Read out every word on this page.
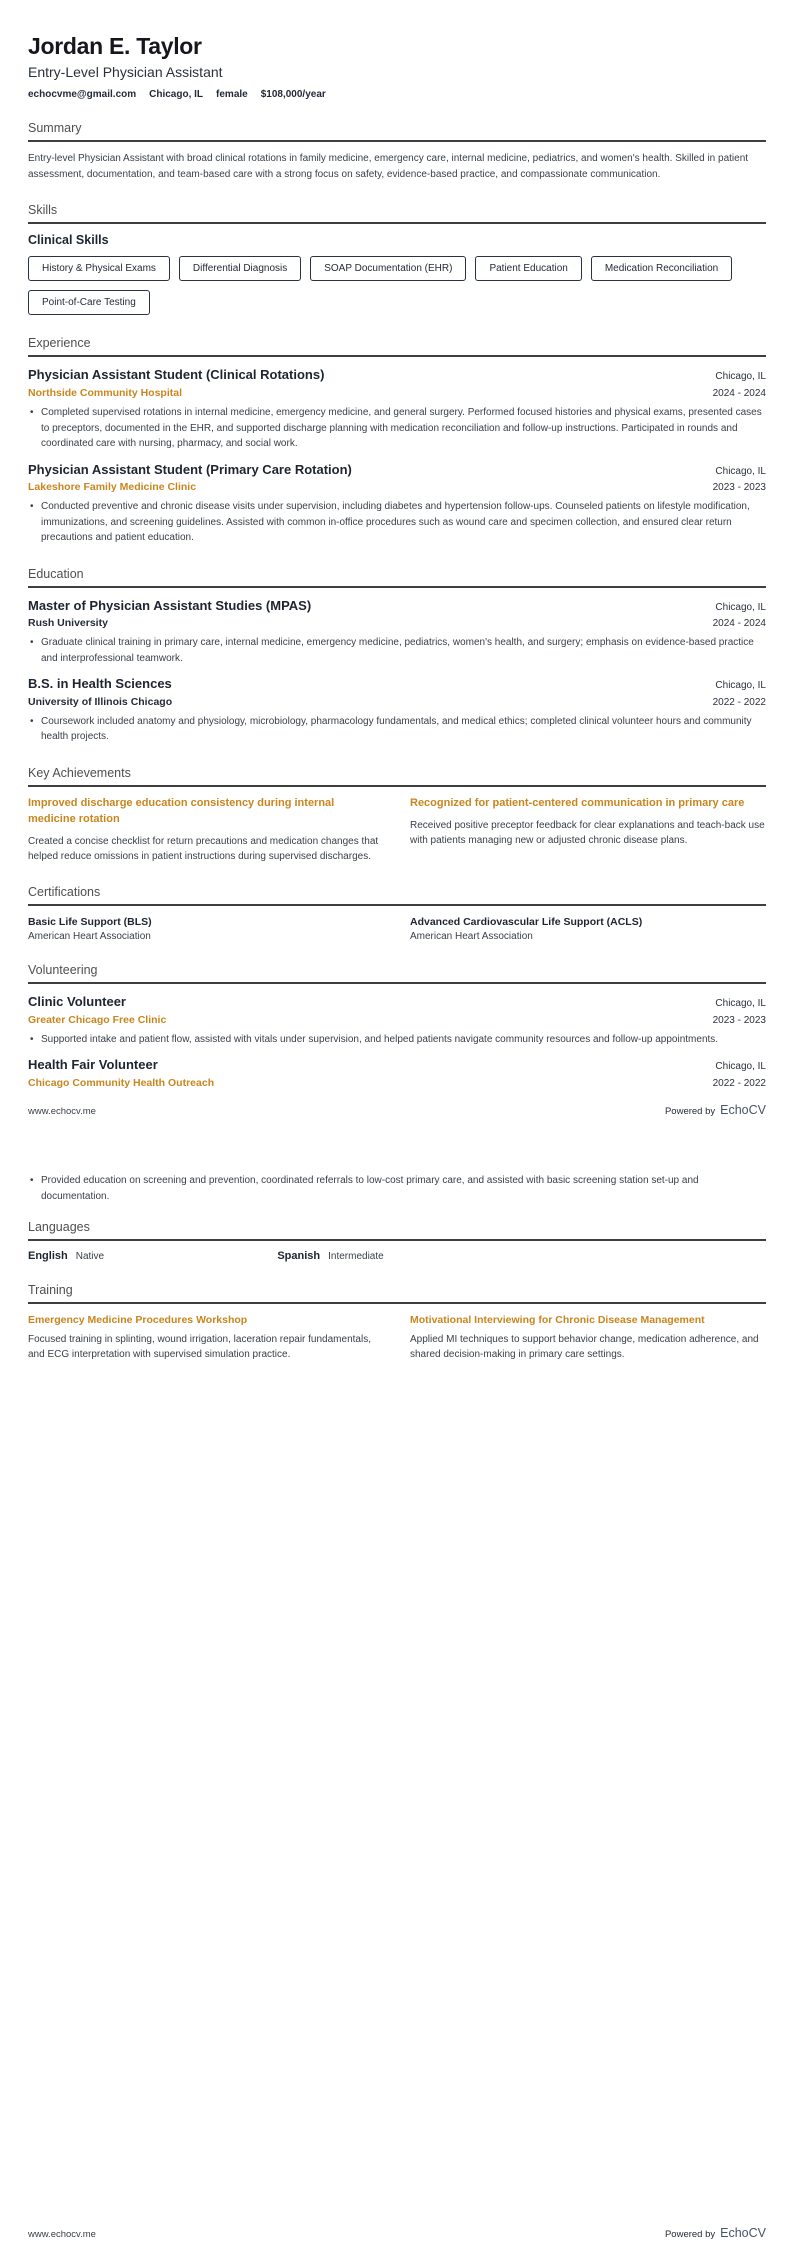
Jordan E. Taylor
Entry-Level Physician Assistant
echocvme@gmail.com Chicago, IL female $108,000/year
Summary

Entry-level Physician Assistant with broad clinical rotations in family medicine, emergency care, internal medicine, pediatrics, and women's health. Skilled in patient assessment, documentation, and team-based care with a strong focus on safety, evidence-based practice, and compassionate communication.

Skills
Clinical Skills
History & Physical Exams	Differential Diagnosis	SOAP Documentation (EHR)	Patient Education	Medication Reconciliation
Point-of-Care Testing
Experience
Physician Assistant Student (Clinical Rotations)	Chicago, IL
Northside Community Hospital	2024 - 2024
• Completed supervised rotations in internal medicine, emergency medicine, and general surgery. Performed focused histories and physical exams, presented cases to preceptors, documented in the EHR, and supported discharge planning with medication reconciliation and follow-up instructions. Participated in rounds and coordinated care with nursing, pharmacy, and social work.
Physician Assistant Student (Primary Care Rotation)	Chicago, IL
Lakeshore Family Medicine Clinic	2023 - 2023
• Conducted preventive and chronic disease visits under supervision, including diabetes and hypertension follow-ups. Counseled patients on lifestyle modification, immunizations, and screening guidelines. Assisted with common in-office procedures such as wound care and specimen collection, and ensured clear return precautions and patient education.
Education
Master of Physician Assistant Studies (MPAS)	Chicago, IL
Rush University	2024 - 2024
• Graduate clinical training in primary care, internal medicine, emergency medicine, pediatrics, women's health, and surgery; emphasis on evidence-based practice and interprofessional teamwork.
B.S. in Health Sciences	Chicago, IL
University of Illinois Chicago	2022 - 2022
• Coursework included anatomy and physiology, microbiology, pharmacology fundamentals, and medical ethics; completed clinical volunteer hours and community health projects.
Key Achievements
Improved discharge education consistency during internal medicine rotation
Created a concise checklist for return precautions and medication changes that helped reduce omissions in patient instructions during supervised discharges.
Recognized for patient-centered communication in primary care
Received positive preceptor feedback for clear explanations and teach-back use with patients managing new or adjusted chronic disease plans.
Certifications
Basic Life Support (BLS)
American Heart Association
Advanced Cardiovascular Life Support (ACLS)
American Heart Association
Volunteering
Clinic Volunteer	Chicago, IL
Greater Chicago Free Clinic	2023 - 2023
• Supported intake and patient flow, assisted with vitals under supervision, and helped patients navigate community resources and follow-up appointments.
Health Fair Volunteer	Chicago, IL
Chicago Community Health Outreach	2022 - 2022
www.echocv.me	Powered by EchoCV
• Provided education on screening and prevention, coordinated referrals to low-cost primary care, and assisted with basic screening station set-up and documentation.
Languages
English Native	Spanish Intermediate
Training
Emergency Medicine Procedures Workshop
Focused training in splinting, wound irrigation, laceration repair fundamentals, and ECG interpretation with supervised simulation practice.
Motivational Interviewing for Chronic Disease Management
Applied MI techniques to support behavior change, medication adherence, and shared decision-making in primary care settings.
www.echocv.me	Powered by EchoCV
